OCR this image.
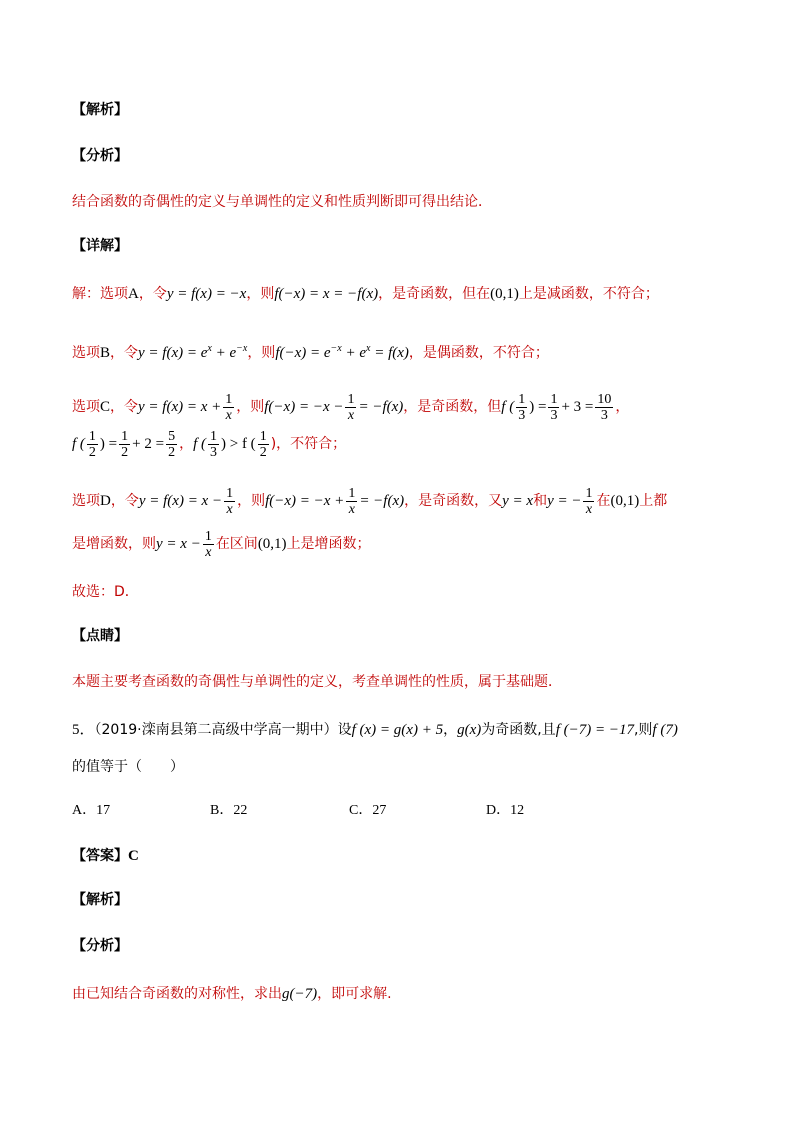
【解析】
【分析】
结合函数的奇偶性的定义与单调性的定义和性质判断即可得出结论．
【详解】
解：选项A，令y = f(x) = −x，则f(−x) = x = −f(x)，是奇函数，但在(0,1)上是减函数，不符合；
选项B，令$y = f(x) = e^x + e^{-x}$，则$f(-x) = e^{-x} + e^x = f(x)$，是偶函数，不符合；
选项C，令$y = f(x) = x + \frac{1}{x}$ ，则$f(-x) = -x - \frac{1}{x} = -f(x)$，是奇函数，但f ( $\frac{1}{3}$ ) = $\frac{1}{3} + 3 = \frac{10}{3}$ ，
f ( $\frac{1}{2}$ ) = $\frac{1}{2} + 2 = \frac{5}{2}$ ，f ( $\frac{1}{3}$ ) > f ( $\frac{1}{2}$ )，不符合；
选项D，令$y = f(x) = x - \frac{1}{x}$ ，则$f(-x) = -x + \frac{1}{x} = -f(x)$，是奇函数，又y = x和y = − $\frac{1}{x}$ 在(0,1)上都
是增函数，则$y = x - \frac{1}{x}$ 在区间(0,1)上是增函数；
故选：D．
【点睛】
本题主要考查函数的奇偶性与单调性的定义，考查单调性的性质，属于基础题．
5．（2019·滦南县第二高级中学高一期中）设f (x) = g(x) + 5，g(x)为奇函数,且f (−7) = −17,则f (7)
的值等于（　　）
A．17	B．22	C．27	D．12
【答案】C
【解析】
【分析】
由已知结合奇函数的对称性，求出g(−7)，即可求解.
